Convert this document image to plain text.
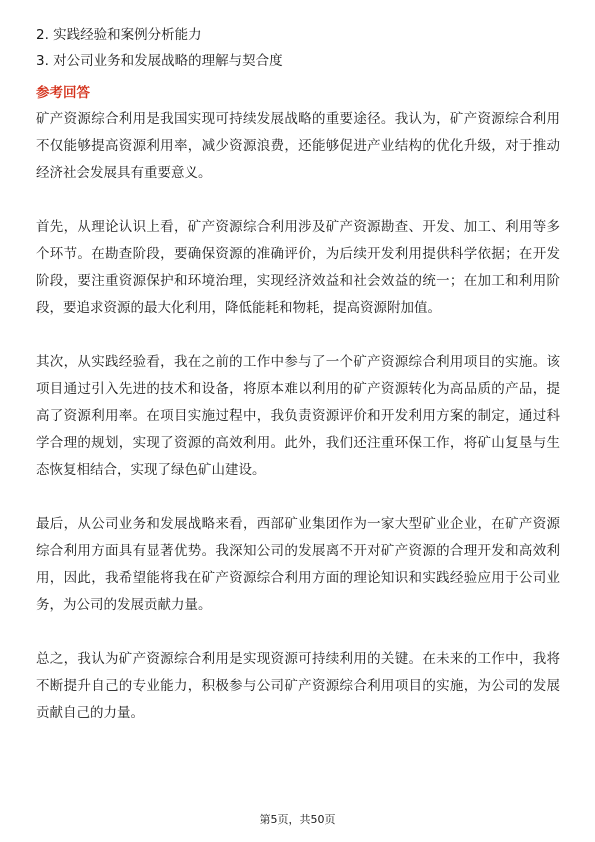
2. 实践经验和案例分析能力
3. 对公司业务和发展战略的理解与契合度
参考回答

矿产资源综合利用是我国实现可持续发展战略的重要途径。我认为，矿产资源综合利用不仅能够提高资源利用率，减少资源浪费，还能够促进产业结构的优化升级，对于推动经济社会发展具有重要意义。

首先，从理论认识上看，矿产资源综合利用涉及矿产资源勘查、开发、加工、利用等多个环节。在勘查阶段，要确保资源的准确评价，为后续开发利用提供科学依据；在开发阶段，要注重资源保护和环境治理，实现经济效益和社会效益的统一；在加工和利用阶段，要追求资源的最大化利用，降低能耗和物耗，提高资源附加值。

其次，从实践经验看，我在之前的工作中参与了一个矿产资源综合利用项目的实施。该项目通过引入先进的技术和设备，将原本难以利用的矿产资源转化为高品质的产品，提高了资源利用率。在项目实施过程中，我负责资源评价和开发利用方案的制定，通过科学合理的规划，实现了资源的高效利用。此外，我们还注重环保工作，将矿山复垦与生态恢复相结合，实现了绿色矿山建设。

最后，从公司业务和发展战略来看，西部矿业集团作为一家大型矿业企业，在矿产资源综合利用方面具有显著优势。我深知公司的发展离不开对矿产资源的合理开发和高效利用，因此，我希望能将我在矿产资源综合利用方面的理论知识和实践经验应用于公司业务，为公司的发展贡献力量。

总之，我认为矿产资源综合利用是实现资源可持续利用的关键。在未来的工作中，我将不断提升自己的专业能力，积极参与公司矿产资源综合利用项目的实施，为公司的发展贡献自己的力量。

第5页，共50页
